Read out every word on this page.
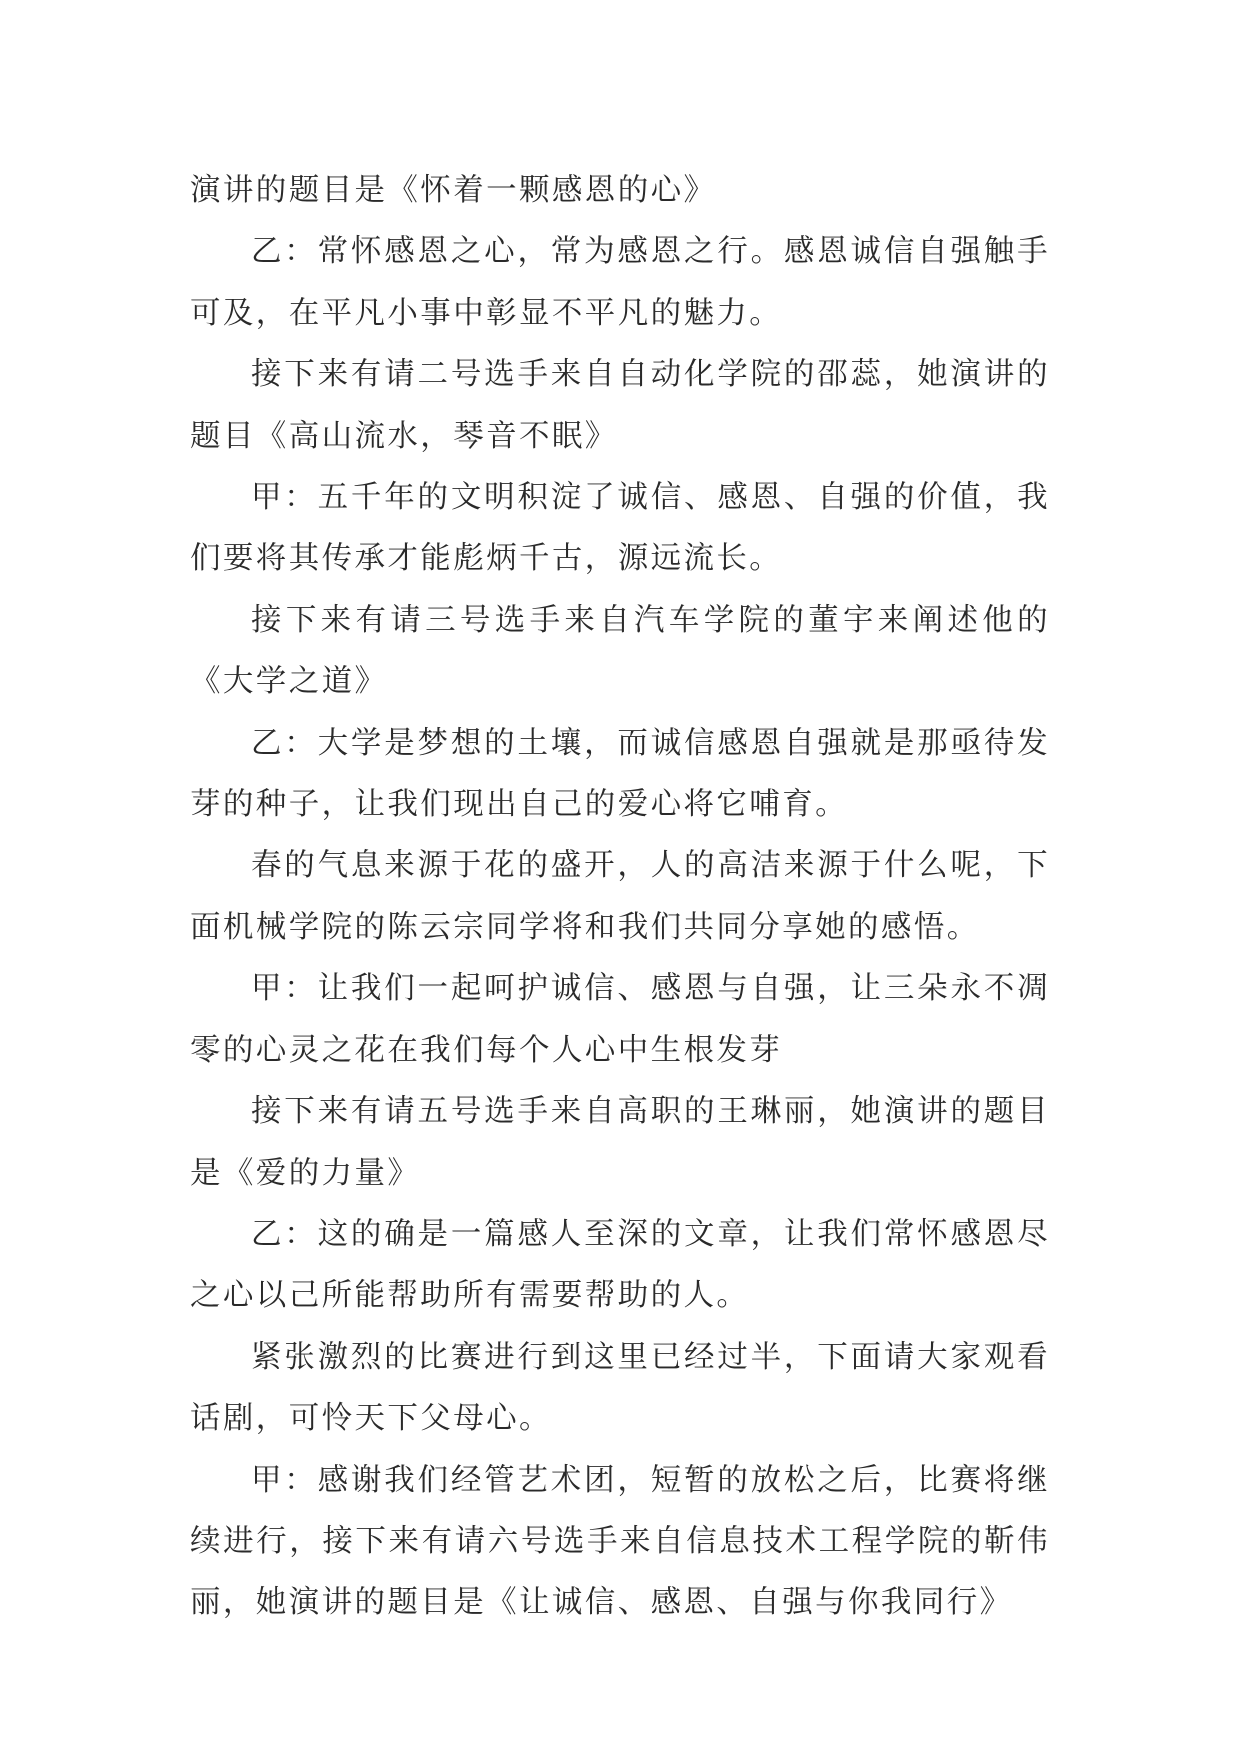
演讲的题目是《怀着一颗感恩的心》

乙：常怀感恩之心，常为感恩之行。感恩诚信自强触手可及，在平凡小事中彰显不平凡的魅力。

接下来有请二号选手来自自动化学院的邵蕊，她演讲的题目《高山流水，琴音不眠》

甲：五千年的文明积淀了诚信、感恩、自强的价值，我们要将其传承才能彪炳千古，源远流长。

接下来有请三号选手来自汽车学院的董宇来阐述他的《大学之道》

乙：大学是梦想的土壤，而诚信感恩自强就是那亟待发芽的种子，让我们现出自己的爱心将它哺育。

春的气息来源于花的盛开，人的高洁来源于什么呢，下面机械学院的陈云宗同学将和我们共同分享她的感悟。

甲：让我们一起呵护诚信、感恩与自强，让三朵永不凋零的心灵之花在我们每个人心中生根发芽

接下来有请五号选手来自高职的王琳丽，她演讲的题目是《爱的力量》

乙：这的确是一篇感人至深的文章，让我们常怀感恩尽之心以己所能帮助所有需要帮助的人。

紧张激烈的比赛进行到这里已经过半，下面请大家观看话剧，可怜天下父母心。

甲：感谢我们经管艺术团，短暂的放松之后，比赛将继续进行，接下来有请六号选手来自信息技术工程学院的靳伟丽，她演讲的题目是《让诚信、感恩、自强与你我同行》
